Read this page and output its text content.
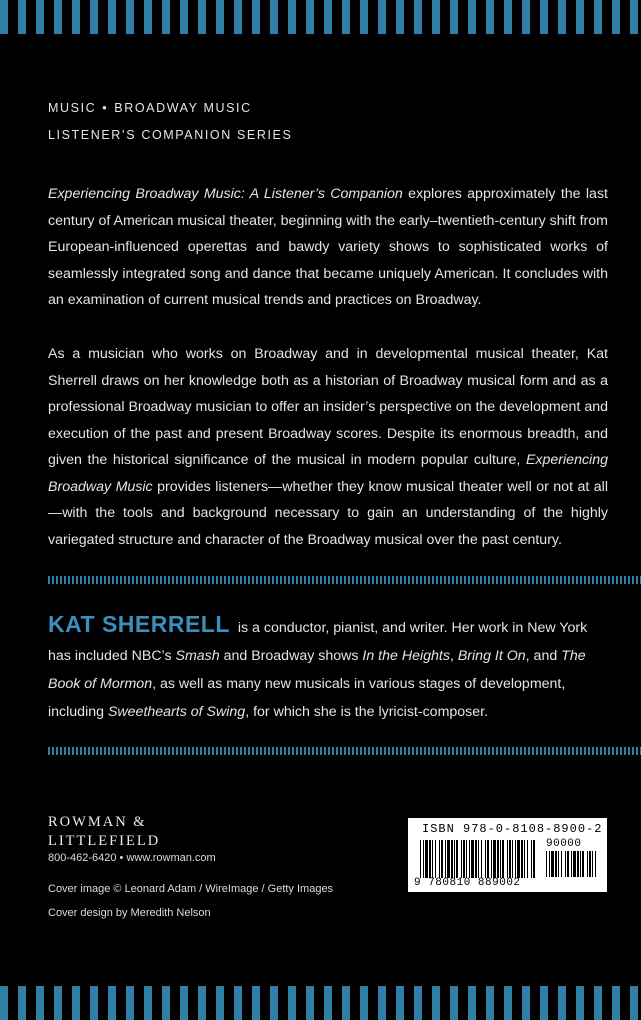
MUSIC • BROADWAY MUSIC
LISTENER’S COMPANION SERIES
Experiencing Broadway Music: A Listener’s Companion explores approximately the last century of American musical theater, beginning with the early–twentieth-century shift from European-influenced operettas and bawdy variety shows to sophisticated works of seamlessly integrated song and dance that became uniquely American. It concludes with an examination of current musical trends and practices on Broadway.
As a musician who works on Broadway and in developmental musical theater, Kat Sherrell draws on her knowledge both as a historian of Broadway musical form and as a professional Broadway musician to offer an insider’s perspective on the development and execution of the past and present Broadway scores. Despite its enormous breadth, and given the historical significance of the musical in modern popular culture, Experiencing Broadway Music provides listeners—whether they know musical theater well or not at all—with the tools and background necessary to gain an understanding of the highly variegated structure and character of the Broadway musical over the past century.
KAT SHERRELL is a conductor, pianist, and writer. Her work in New York has included NBC’s Smash and Broadway shows In the Heights, Bring It On, and The Book of Mormon, as well as many new musicals in various stages of development, including Sweethearts of Swing, for which she is the lyricist-composer.
ROWMAN &
LITTLEFIELD
800-462-6420 • www.rowman.com
Cover image © Leonard Adam / WireImage / Getty Images
Cover design by Meredith Nelson
ISBN 978-0-8108-8900-2
90000
9 780810 889002
